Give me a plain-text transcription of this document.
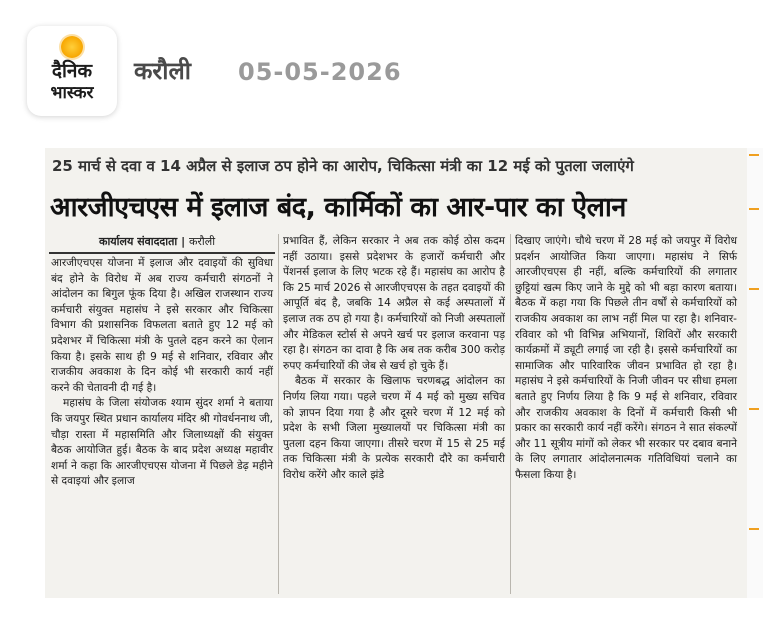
दैनिक
भास्कर
करौली 05-05-2026
25 मार्च से दवा व 14 अप्रैल से इलाज ठप होने का आरोप, चिकित्सा मंत्री का 12 मई को पुतला जलाएंगे
आरजीएचएस में इलाज बंद, कार्मिकों का आर-पार का ऐलान
कार्यालय संवाददाता | करौली

आरजीएचएस योजना में इलाज और दवाइयों की सुविधा बंद होने के विरोध में अब राज्य कर्मचारी संगठनों ने आंदोलन का बिगुल फूंक दिया है। अखिल राजस्थान राज्य कर्मचारी संयुक्त महासंघ ने इसे सरकार और चिकित्सा विभाग की प्रशासनिक विफलता बताते हुए 12 मई को प्रदेशभर में चिकित्सा मंत्री के पुतले दहन करने का ऐलान किया है। इसके साथ ही 9 मई से शनिवार, रविवार और राजकीय अवकाश के दिन कोई भी सरकारी कार्य नहीं करने की चेतावनी दी गई है।

महासंघ के जिला संयोजक श्याम सुंदर शर्मा ने बताया कि जयपुर स्थित प्रधान कार्यालय मंदिर श्री गोवर्धननाथ जी, चौड़ा रास्ता में महासमिति और जिलाध्यक्षों की संयुक्त बैठक आयोजित हुई। बैठक के बाद प्रदेश अध्यक्ष महावीर शर्मा ने कहा कि आरजीएचएस योजना में पिछले डेढ़ महीने से दवाइयां और इलाज

प्रभावित हैं, लेकिन सरकार ने अब तक कोई ठोस कदम नहीं उठाया। इससे प्रदेशभर के हजारों कर्मचारी और पेंशनर्स इलाज के लिए भटक रहे हैं। महासंघ का आरोप है कि 25 मार्च 2026 से आरजीएचएस के तहत दवाइयों की आपूर्ति बंद है, जबकि 14 अप्रैल से कई अस्पतालों में इलाज तक ठप हो गया है। कर्मचारियों को निजी अस्पतालों और मेडिकल स्टोर्स से अपने खर्च पर इलाज करवाना पड़ रहा है। संगठन का दावा है कि अब तक करीब 300 करोड़ रुपए कर्मचारियों की जेब से खर्च हो चुके हैं।

बैठक में सरकार के खिलाफ चरणबद्ध आंदोलन का निर्णय लिया गया। पहले चरण में 4 मई को मुख्य सचिव को ज्ञापन दिया गया है और दूसरे चरण में 12 मई को प्रदेश के सभी जिला मुख्यालयों पर चिकित्सा मंत्री का पुतला दहन किया जाएगा। तीसरे चरण में 15 से 25 मई तक चिकित्सा मंत्री के प्रत्येक सरकारी दौरे का कर्मचारी विरोध करेंगे और काले झंडे

दिखाए जाएंगे। चौथे चरण में 28 मई को जयपुर में विरोध प्रदर्शन आयोजित किया जाएगा। महासंघ ने सिर्फ आरजीएचएस ही नहीं, बल्कि कर्मचारियों की लगातार छुट्टियां खत्म किए जाने के मुद्दे को भी बड़ा कारण बताया। बैठक में कहा गया कि पिछले तीन वर्षों से कर्मचारियों को राजकीय अवकाश का लाभ नहीं मिल पा रहा है। शनिवार-रविवार को भी विभिन्न अभियानों, शिविरों और सरकारी कार्यक्रमों में ड्यूटी लगाई जा रही है। इससे कर्मचारियों का सामाजिक और पारिवारिक जीवन प्रभावित हो रहा है। महासंघ ने इसे कर्मचारियों के निजी जीवन पर सीधा हमला बताते हुए निर्णय लिया है कि 9 मई से शनिवार, रविवार और राजकीय अवकाश के दिनों में कर्मचारी किसी भी प्रकार का सरकारी कार्य नहीं करेंगे। संगठन ने सात संकल्पों और 11 सूत्रीय मांगों को लेकर भी सरकार पर दबाव बनाने के लिए लगातार आंदोलनात्मक गतिविधियां चलाने का फैसला किया है।
